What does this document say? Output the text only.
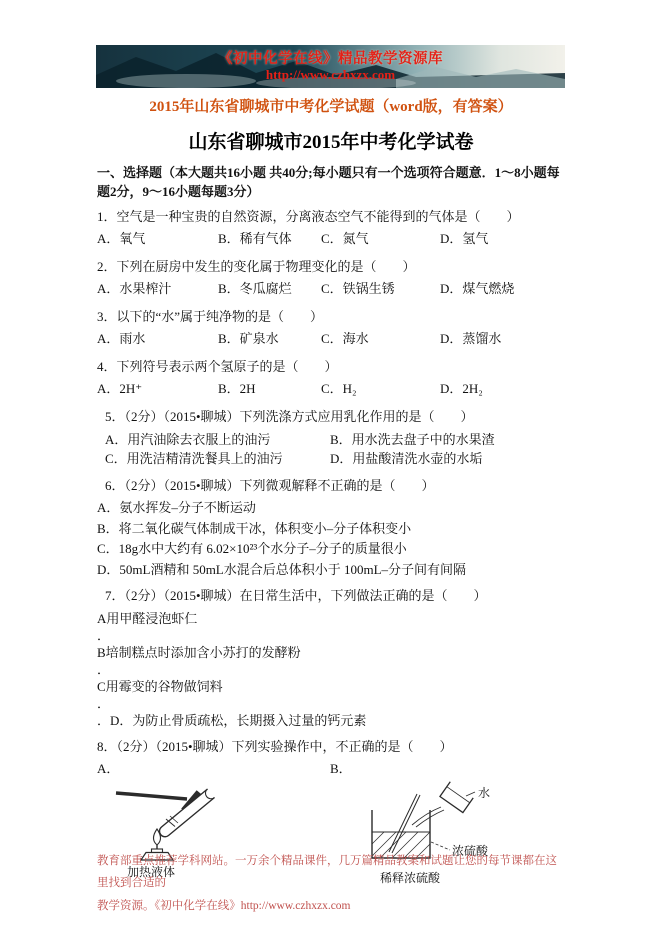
《初中化学在线》精品教学资源库
http://www.czhxzx.com

2015年山东省聊城市中考化学试题（word版，有答案）

山东省聊城市2015年中考化学试卷

一、选择题（本大题共16小题 共40分;每小题只有一个选项符合题意．1～8小题每题2分，9～16小题每题3分）

1．空气是一种宝贵的自然资源，分离液态空气不能得到的气体是（　　）

A．氧气	B．稀有气体	C．氮气	D．氢气

2．下列在厨房中发生的变化属于物理变化的是（　　）

A．水果榨汁	B．冬瓜腐烂	C．铁锅生锈	D．煤气燃烧

3．以下的“水”属于纯净物的是（　　）

A．雨水	B．矿泉水	C．海水	D．蒸馏水

4．下列符号表示两个氢原子的是（　　）

A．2H⁺	B．2H	C．H₂	D．2H₂

5．（2分）（2015•聊城）下列洗涤方式应用乳化作用的是（　　）

A．用汽油除去衣服上的油污	B．用水洗去盘子中的水果渣
C．用洗洁精清洗餐具上的油污	D．用盐酸清洗水壶的水垢

6．（2分）（2015•聊城）下列微观解释不正确的是（　　）

A．氨水挥发–分子不断运动

B．将二氧化碳气体制成干冰，体积变小–分子体积变小

C．18g水中大约有 6.02×10²³个水分子–分子的质量很小

D．50mL酒精和 50mL水混合后总体积小于 100mL–分子间有间隔

7．（2分）（2015•聊城）在日常生活中，下列做法正确的是（　　）

A用甲醛浸泡虾仁

．

B培制糕点时添加含小苏打的发酵粉

．

C用霉变的谷物做饲料

．

．D．为防止骨质疏松，长期摄入过量的钙元素

8．（2分）（2015•聊城）下列实验操作中，不正确的是（　　）

A．	B．

加热液体

水
浓硫酸

稀释浓硫酸

教育部重点推荐学科网站。一万余个精品课件，几万篇精品教案和试题让您的每节课都在这里找到合适的

教学资源。《初中化学在线》http://www.czhxzx.com
